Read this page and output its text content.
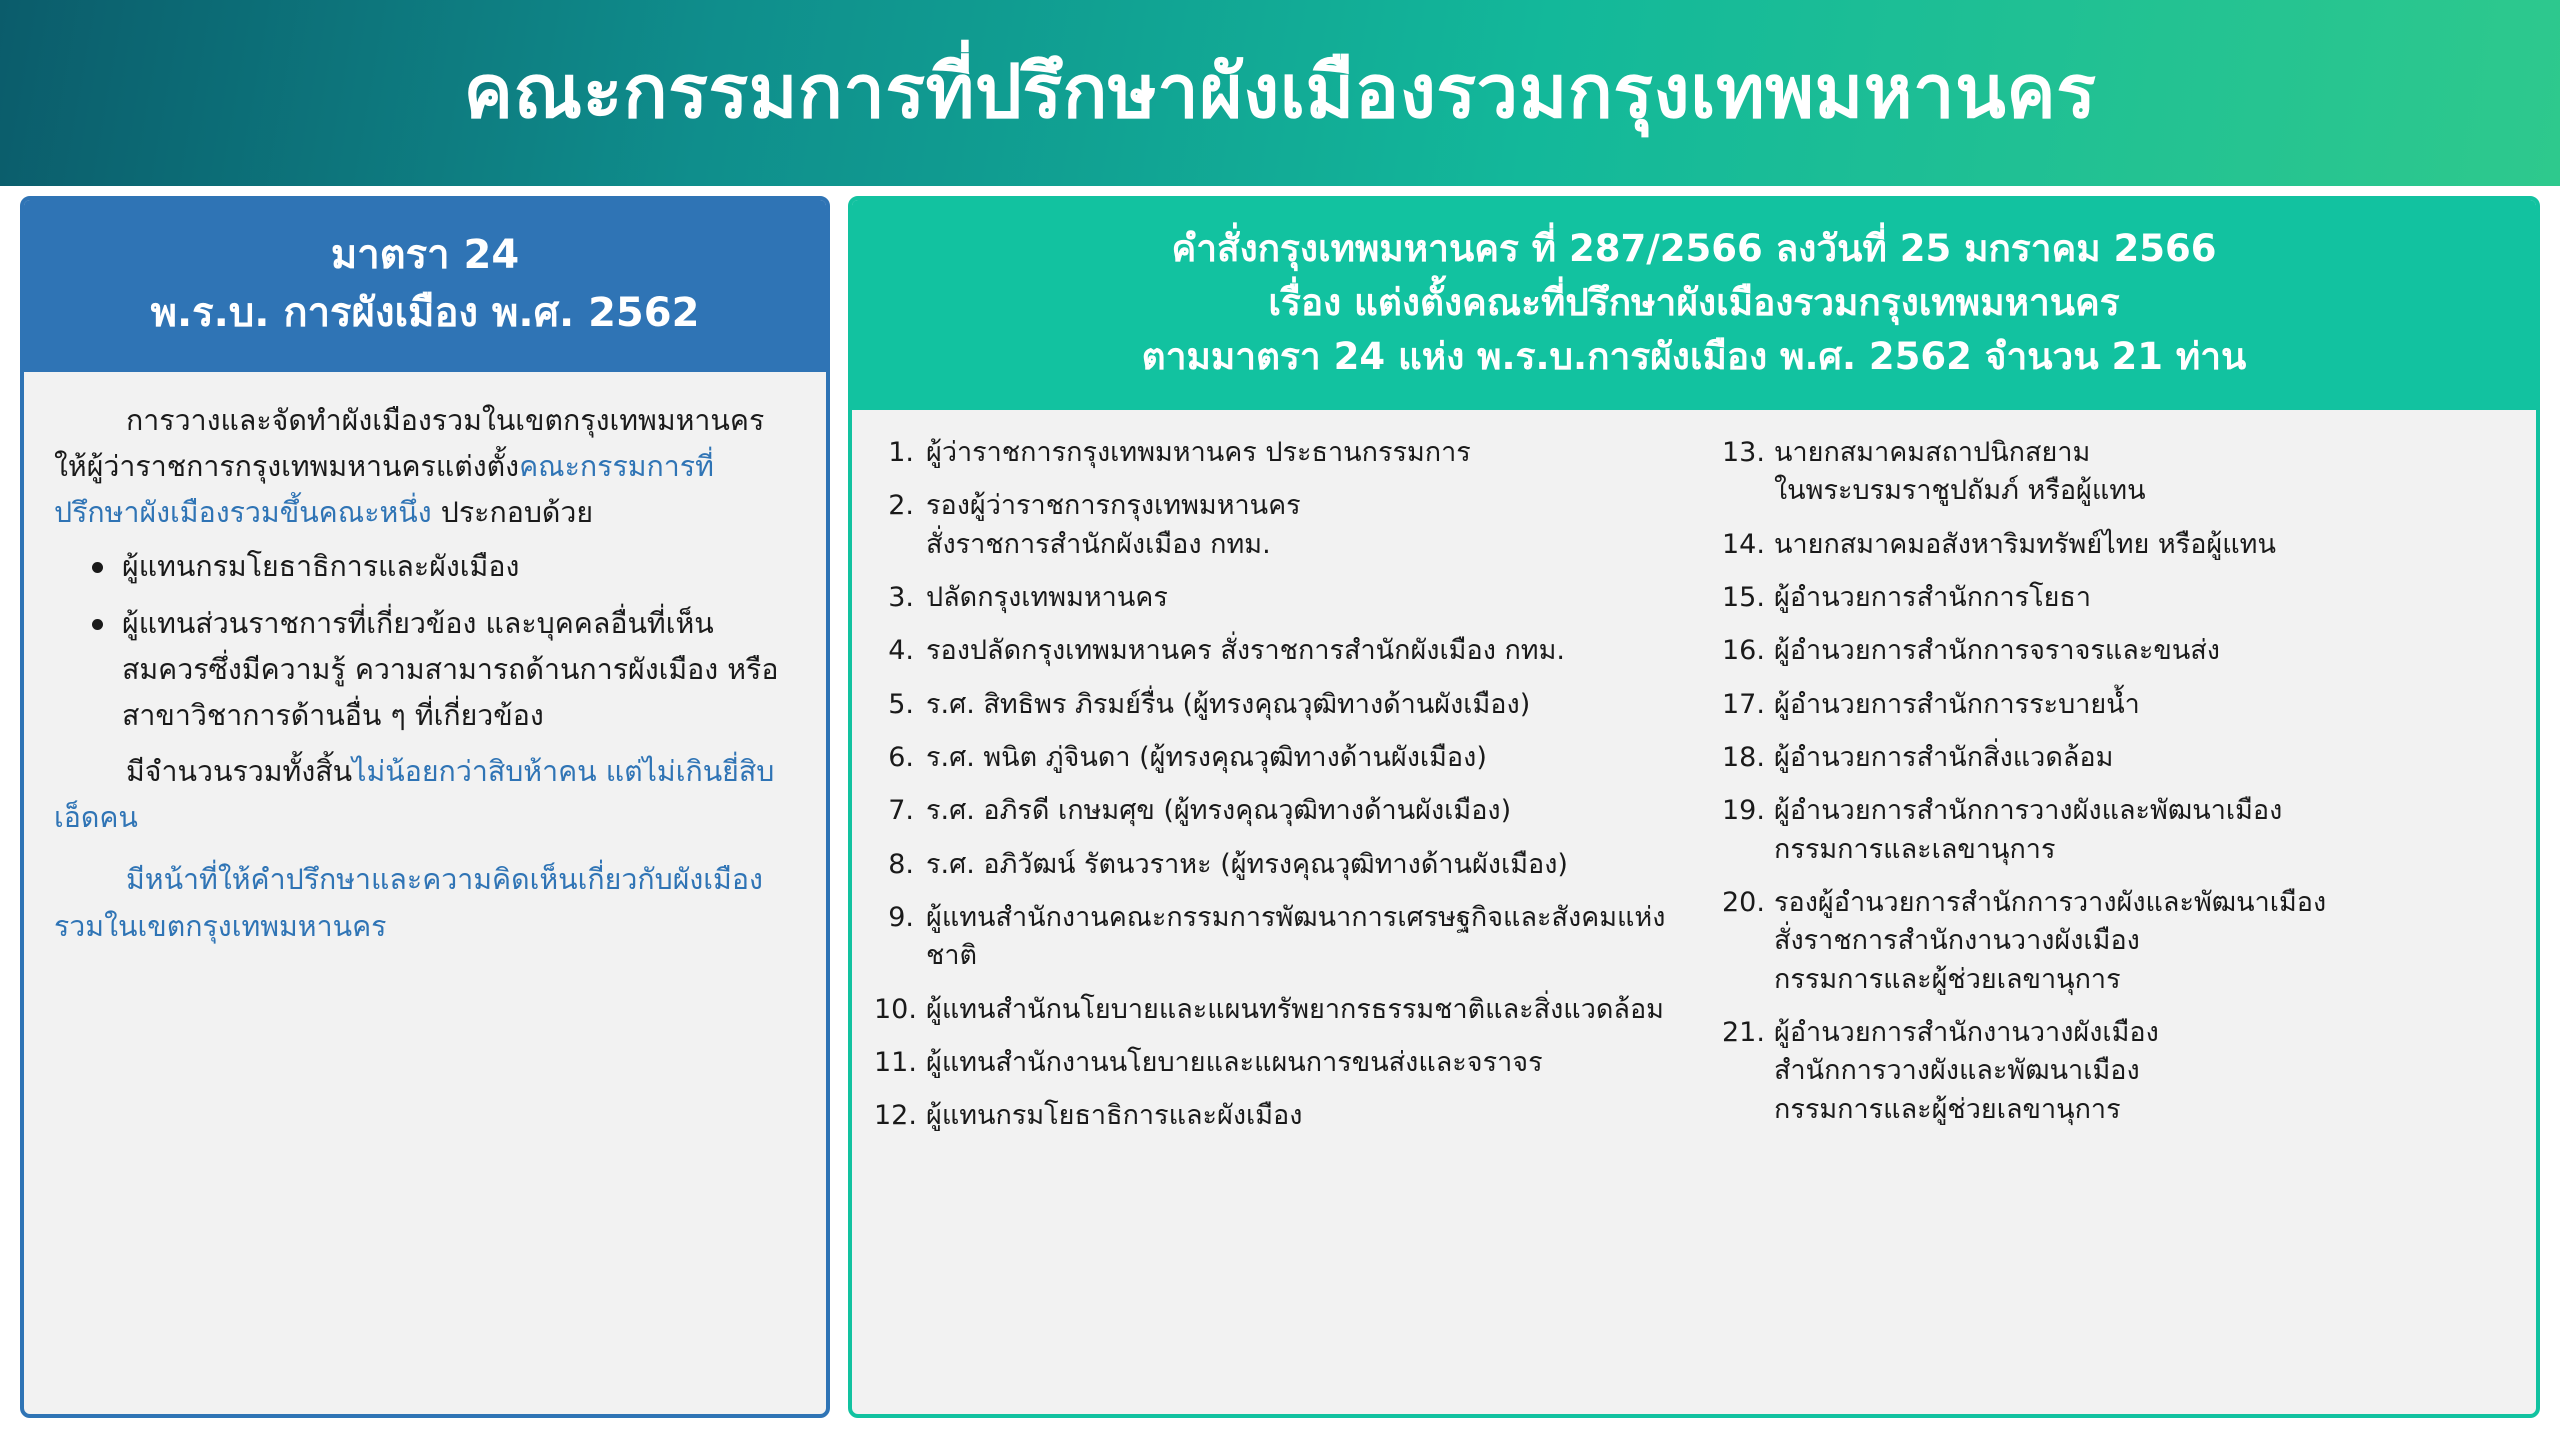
คณะกรรมการที่ปรึกษาผังเมืองรวมกรุงเทพมหานคร
มาตรา 24
พ.ร.บ. การผังเมือง พ.ศ. 2562

การวางและจัดทำผังเมืองรวมในเขตกรุงเทพมหานครให้ผู้ว่าราชการกรุงเทพมหานครแต่งตั้งคณะกรรมการที่ปรึกษาผังเมืองรวมขึ้นคณะหนึ่ง ประกอบด้วย

ผู้แทนกรมโยธาธิการและผังเมือง
ผู้แทนส่วนราชการที่เกี่ยวข้อง และบุคคลอื่นที่เห็นสมควรซึ่งมีความรู้ ความสามารถด้านการผังเมือง หรือสาขาวิชาการด้านอื่น ๆ ที่เกี่ยวข้อง

มีจำนวนรวมทั้งสิ้นไม่น้อยกว่าสิบห้าคน แต่ไม่เกินยี่สิบเอ็ดคน

มีหน้าที่ให้คำปรึกษาและความคิดเห็นเกี่ยวกับผังเมืองรวมในเขตกรุงเทพมหานคร

คำสั่งกรุงเทพมหานคร ที่ 287/2566 ลงวันที่ 25 มกราคม 2566
เรื่อง แต่งตั้งคณะที่ปรึกษาผังเมืองรวมกรุงเทพมหานคร
ตามมาตรา 24 แห่ง พ.ร.บ.การผังเมือง พ.ศ. 2562 จำนวน 21 ท่าน
1. ผู้ว่าราชการกรุงเทพมหานคร ประธานกรรมการ
2. รองผู้ว่าราชการกรุงเทพมหานคร
สั่งราชการสำนักผังเมือง กทม.
3. ปลัดกรุงเทพมหานคร
4. รองปลัดกรุงเทพมหานคร สั่งราชการสำนักผังเมือง กทม.
5. ร.ศ. สิทธิพร ภิรมย์รื่น (ผู้ทรงคุณวุฒิทางด้านผังเมือง)
6. ร.ศ. พนิต ภู่จินดา (ผู้ทรงคุณวุฒิทางด้านผังเมือง)
7. ร.ศ. อภิรดี เกษมศุข (ผู้ทรงคุณวุฒิทางด้านผังเมือง)
8. ร.ศ. อภิวัฒน์ รัตนวราหะ (ผู้ทรงคุณวุฒิทางด้านผังเมือง)
9. ผู้แทนสำนักงานคณะกรรมการพัฒนาการเศรษฐกิจและสังคมแห่งชาติ
10. ผู้แทนสำนักนโยบายและแผนทรัพยากรธรรมชาติและสิ่งแวดล้อม
11. ผู้แทนสำนักงานนโยบายและแผนการขนส่งและจราจร
12. ผู้แทนกรมโยธาธิการและผังเมือง
13. นายกสมาคมสถาปนิกสยาม
ในพระบรมราชูปถัมภ์ หรือผู้แทน
14. นายกสมาคมอสังหาริมทรัพย์ไทย หรือผู้แทน
15. ผู้อำนวยการสำนักการโยธา
16. ผู้อำนวยการสำนักการจราจรและขนส่ง
17. ผู้อำนวยการสำนักการระบายน้ำ
18. ผู้อำนวยการสำนักสิ่งแวดล้อม
19. ผู้อำนวยการสำนักการวางผังและพัฒนาเมือง
กรรมการและเลขานุการ
20. รองผู้อำนวยการสำนักการวางผังและพัฒนาเมือง
สั่งราชการสำนักงานวางผังเมือง
กรรมการและผู้ช่วยเลขานุการ
21. ผู้อำนวยการสำนักงานวางผังเมือง
สำนักการวางผังและพัฒนาเมือง
กรรมการและผู้ช่วยเลขานุการ
